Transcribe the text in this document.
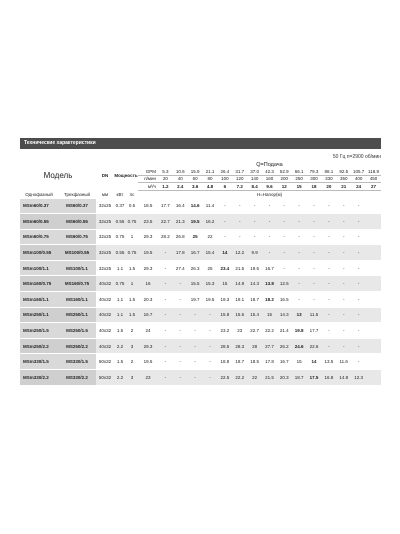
Технические характеристики
50 Гц n=2900 об/мин
Модель		DN	Мощность			Q=Подача														
					GPM	5.3	10.6	15.9	21.1	26.4	31.7	37.0	42.3	52.9	66.1	79.3	88.1	92.5	105.7	118.9
					л/мин	20	40	60	80	100	120	140	160	200	250	300	330	350	400	450
					м³/ч	1.2	2.4	3.6	4.8	6	7.2	8.4	9.6	12	15	18	20	21	24	27
Однофазный	Трехфазный	мм	кВт	лс		H=Напор(м)														
MSm60/0.37	MS60/0.37	32x25	0.37	0.5	18.5	17.7	16.4	14.6	11.4	-	-	-	-	-	-	-	-	-	-	
MSm60/0.55	MS60/0.55	32x25	0.55	0.75	23.5	22.7	21.3	19.5	16.2	-	-	-	-	-	-	-	-	-	-	
MSm60/0.75	MS60/0.75	32x25	0.75	1	29.3	28.2	26.8	25	22	-	-	-	-	-	-	-	-	-	-	
MSm100/0.55	MS100/0.55	32x25	0.55	0.75	19.5	-	17.8	16.7	15.4	14	12.2	9.9	-	-	-	-	-	-	-	
MSm100/1.1	MS100/1.1	32x25	1.1	1.5	29.3	-	27.4	26.3	25	23.4	21.5	19.5	16.7	-	-	-	-	-	-	
MSm160/0.75	MS160/0.75	40x32	0.75	1	16	-	-	15.5	15.3	15	14.8	14.3	13.8	12.5	-	-	-	-	-	
MSm160/1.1	MS160/1.1	40x32	1.1	1.5	20.3	-	-	19.7	19.5	19.3	19.1	18.7	18.2	16.5	-	-	-	-	-	
MSm250/1.1	MS250/1.1	40x32	1.1	1.5	16.7	-	-	-	-	15.8	15.6	15.4	15	14.3	13	11.5	-	-	-	
MSm250/1.5	MS250/1.5	40x32	1.5	2	24	-	-	-	-	23.2	23	22.7	22.2	21.4	19.8	17.7	-	-	-	
MSm250/2.2	MS250/2.2	40x32	2.2	3	29.3	-	-	-	-	28.5	28.3	28	27.7	26.2	24.6	22.6	-	-	-	
MSm330/1.5	MS330/1.5	50x32	1.5	2	19.5	-	-	-	-	18.8	18.7	18.5	17.8	16.7	15	14	13.5	11.6	-	
MSm330/2.2	MS330/2.2	50x32	2.2	3	23	-	-	-	-	22.5	22.2	22	21.5	20.3	18.7	17.5	16.8	14.8	12.3	
